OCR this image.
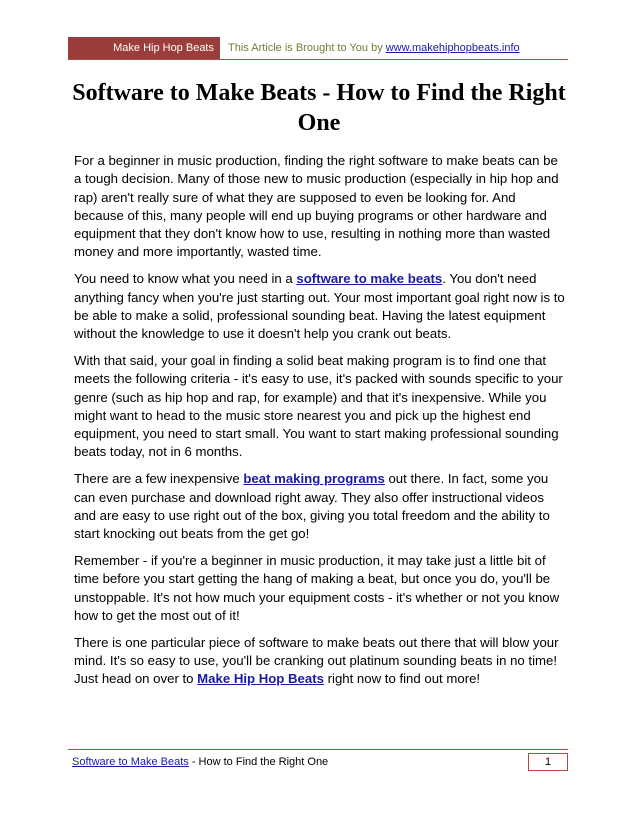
Make Hip Hop Beats This Article is Brought to You by www.makehiphopbeats.info
Software to Make Beats - How to Find the Right One

For a beginner in music production, finding the right software to make beats can be a tough decision. Many of those new to music production (especially in hip hop and rap) aren't really sure of what they are supposed to even be looking for. And because of this, many people will end up buying programs or other hardware and equipment that they don't know how to use, resulting in nothing more than wasted money and more importantly, wasted time.

You need to know what you need in a software to make beats. You don't need anything fancy when you're just starting out. Your most important goal right now is to be able to make a solid, professional sounding beat. Having the latest equipment without the knowledge to use it doesn't help you crank out beats.

With that said, your goal in finding a solid beat making program is to find one that meets the following criteria - it's easy to use, it's packed with sounds specific to your genre (such as hip hop and rap, for example) and that it's inexpensive. While you might want to head to the music store nearest you and pick up the highest end equipment, you need to start small. You want to start making professional sounding beats today, not in 6 months.

There are a few inexpensive beat making programs out there. In fact, some you can even purchase and download right away. They also offer instructional videos and are easy to use right out of the box, giving you total freedom and the ability to start knocking out beats from the get go!

Remember - if you're a beginner in music production, it may take just a little bit of time before you start getting the hang of making a beat, but once you do, you'll be unstoppable. It's not how much your equipment costs - it's whether or not you know how to get the most out of it!

There is one particular piece of software to make beats out there that will blow your mind. It's so easy to use, you'll be cranking out platinum sounding beats in no time! Just head on over to Make Hip Hop Beats right now to find out more!

Software to Make Beats - How to Find the Right One	1
